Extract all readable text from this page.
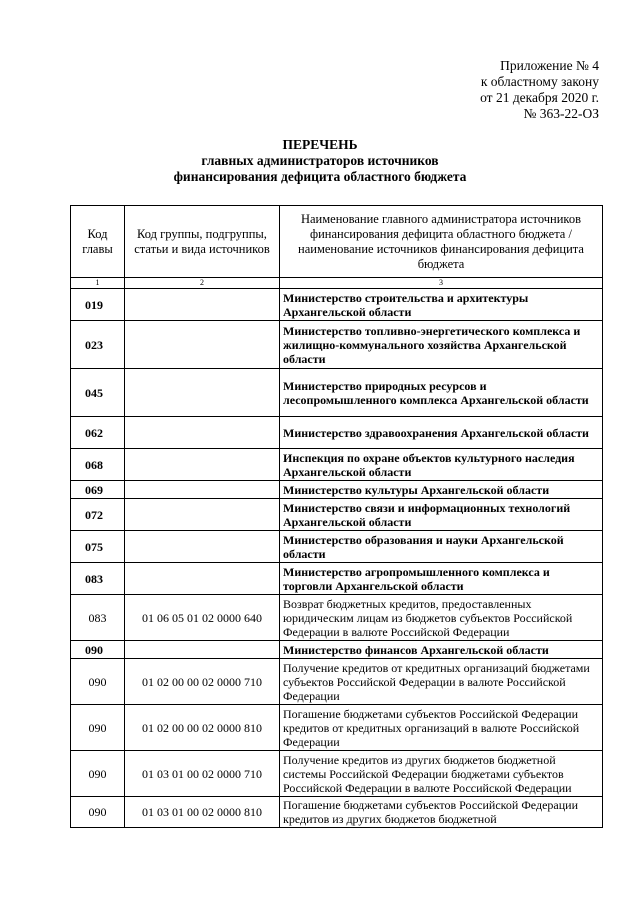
Приложение № 4
к областному закону
от 21 декабря 2020 г.
№ 363-22-ОЗ
ПЕРЕЧЕНЬ
главных администраторов источников
финансирования дефицита областного бюджета
Код главы	Код группы, подгруппы, статьи и вида источников	Наименование главного администратора источников финансирования дефицита областного бюджета / наименование источников финансирования дефицита бюджета
1	2	3
019		Министерство строительства и архитектуры Архангельской области
023		Министерство топливно-энергетического комплекса и жилищно-коммунального хозяйства Архангельской области
045		Министерство природных ресурсов и лесопромышленного комплекса Архангельской области
062		Министерство здравоохранения Архангельской области
068		Инспекция по охране объектов культурного наследия Архангельской области
069		Министерство культуры Архангельской области
072		Министерство связи и информационных технологий Архангельской области
075		Министерство образования и науки Архангельской области
083		Министерство агропромышленного комплекса и торговли Архангельской области
083	01 06 05 01 02 0000 640	Возврат бюджетных кредитов, предоставленных юридическим лицам из бюджетов субъектов Российской Федерации в валюте Российской Федерации
090		Министерство финансов Архангельской области
090	01 02 00 00 02 0000 710	Получение кредитов от кредитных организаций бюджетами субъектов Российской Федерации в валюте Российской Федерации
090	01 02 00 00 02 0000 810	Погашение бюджетами субъектов Российской Федерации кредитов от кредитных организаций в валюте Российской Федерации
090	01 03 01 00 02 0000 710	Получение кредитов из других бюджетов бюджетной системы Российской Федерации бюджетами субъектов Российской Федерации в валюте Российской Федерации
090	01 03 01 00 02 0000 810	Погашение бюджетами субъектов Российской Федерации кредитов из других бюджетов бюджетной
